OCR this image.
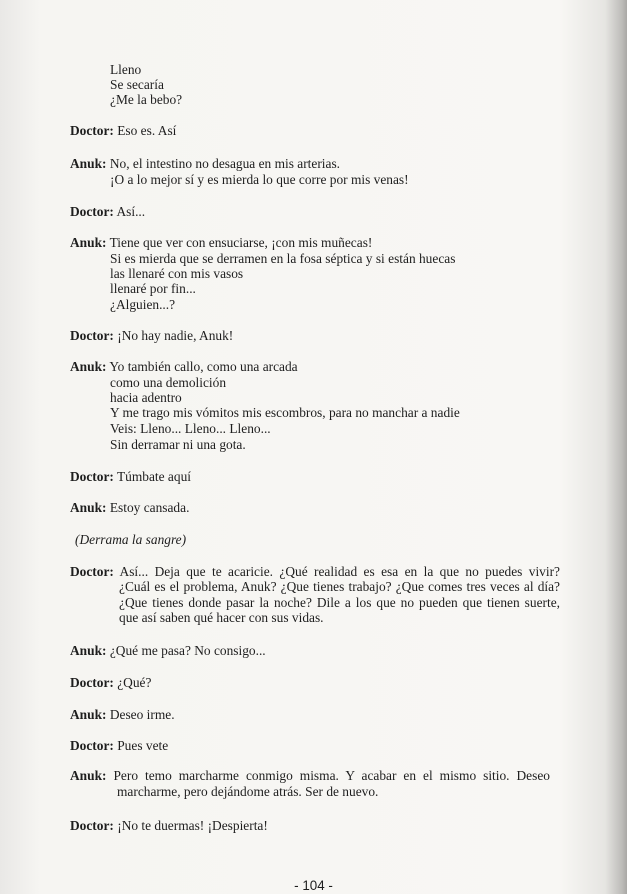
Lleno
Se secaría
¿Me la bebo?
Doctor: Eso es. Así
Anuk: No, el intestino no desagua en mis arterias.
¡O a lo mejor sí y es mierda lo que corre por mis venas!
Doctor: Así...
Anuk: Tiene que ver con ensuciarse, ¡con mis muñecas!
Si es mierda que se derramen en la fosa séptica y si están huecas
las llenaré con mis vasos
llenaré por fin...
¿Alguien...?
Doctor: ¡No hay nadie, Anuk!
Anuk: Yo también callo, como una arcada
como una demolición
hacia adentro
Y me trago mis vómitos mis escombros, para no manchar a nadie
Veis: Lleno... Lleno... Lleno...
Sin derramar ni una gota.
Doctor: Túmbate aquí
Anuk: Estoy cansada.
(Derrama la sangre)
Doctor: Así... Deja que te acaricie. ¿Qué realidad es esa en la que no puedes vivir?
¿Cuál es el problema, Anuk? ¿Que tienes trabajo? ¿Que comes tres veces al día?
¿Que tienes donde pasar la noche? Dile a los que no pueden que tienen suerte,
que así saben qué hacer con sus vidas.
Anuk: ¿Qué me pasa? No consigo...
Doctor: ¿Qué?
Anuk: Deseo irme.
Doctor: Pues vete
Anuk: Pero temo marcharme conmigo misma. Y acabar en el mismo sitio. Deseo
marcharme, pero dejándome atrás. Ser de nuevo.
Doctor: ¡No te duermas! ¡Despierta!
- 104 -
